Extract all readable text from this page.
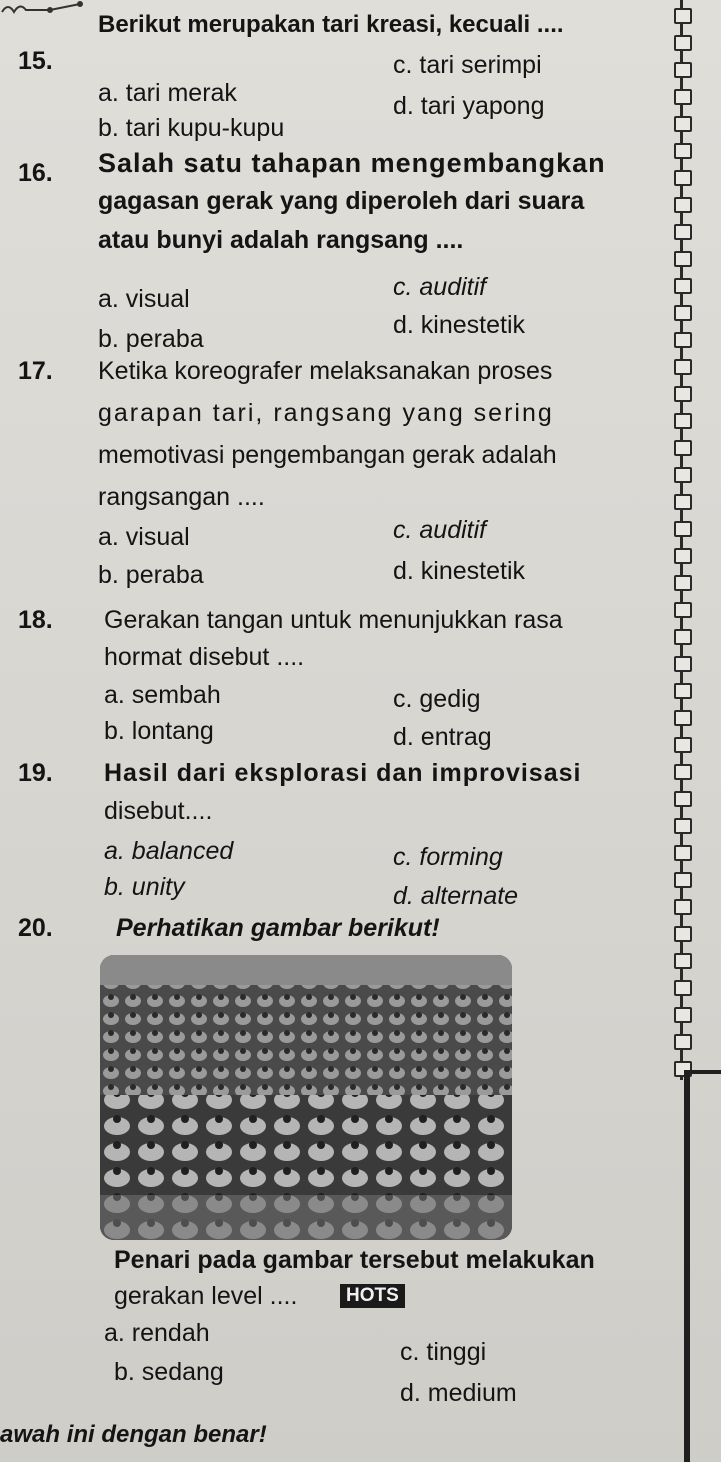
15.
Berikut merupakan tari kreasi, kecuali ....
a. tari merak
b. tari kupu-kupu
c. tari serimpi
d. tari yapong
16. Salah satu tahapan mengembangkan
gagasan gerak yang diperoleh dari suara
atau bunyi adalah rangsang ....
a. visual
b. peraba
c. auditif
d. kinestetik
17. Ketika koreografer melaksanakan proses
garapan tari, rangsang yang sering
memotivasi pengembangan gerak adalah
rangsangan ....
a. visual
b. peraba
c. auditif
d. kinestetik
18. Gerakan tangan untuk menunjukkan rasa
hormat disebut ....
a. sembah
b. lontang
c. gedig
d. entrag
19. Hasil dari eksplorasi dan improvisasi
disebut....
a. balanced
b. unity
c. forming
d. alternate
20.	Perhatikan gambar berikut!
Penari pada gambar tersebut melakukan
gerakan level ....	HOTS
a. rendah
b. sedang
c. tinggi
d. medium
awah ini dengan benar!
